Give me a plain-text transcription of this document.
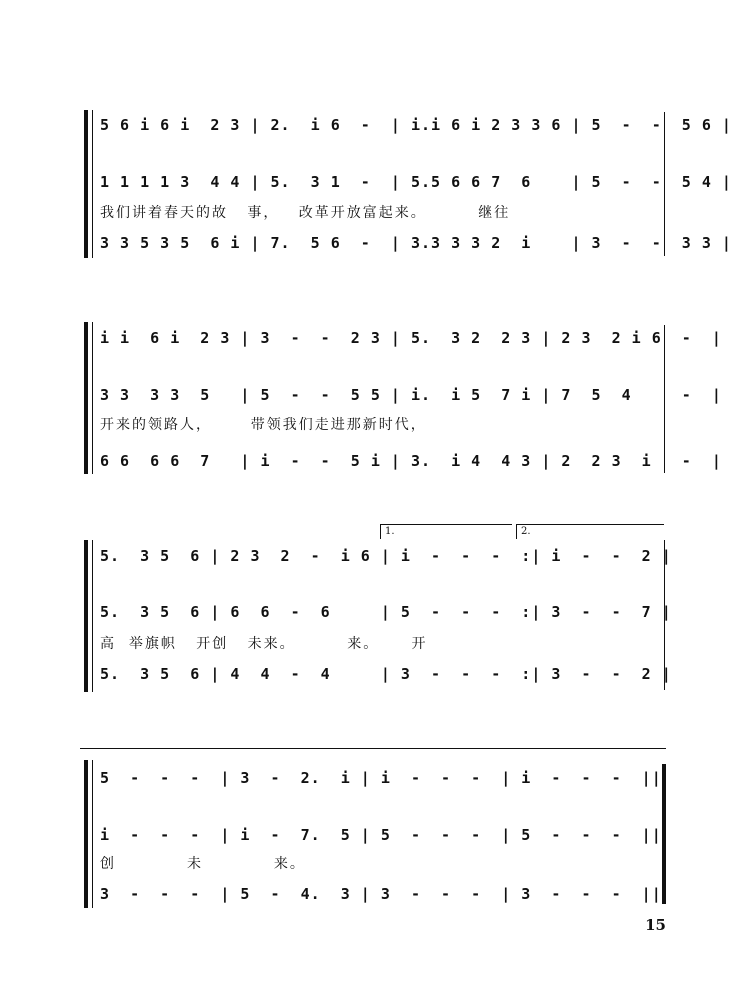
5 6 i 6 i  2 3 | 2.  i 6  -  | i.i 6 i 2 3 3 6 | 5  -  -  5 6 |
1 1 1 1 3  4 4 | 5.  3 1  -  | 5.5 6 6 7  6    | 5  -  -  5 4 |
我们讲着春天的故   事，   改革开放富起来。        继往
3 3 5 3 5  6 i | 7.  5 6  -  | 3.3 3 3 2  i    | 3  -  -  3 3 |
i i  6 i  2 3 | 3  -  -  2 3 | 5.  3 2  2 3 | 2 3  2 i 6  -  |
3 3  3 3  5   | 5  -  -  5 5 | i.  i 5  7 i | 7  5  4     -  |
开来的领路人，      带领我们走进那新时代，
6 6  6 6  7   | i  -  -  5 i | 3.  i 4  4 3 | 2  2 3  i   -  |
1.	2.
5.  3 5  6 | 2 3  2  -  i 6 | i  -  -  -  :| i  -  -  2 |
5.  3 5  6 | 6  6  -  6     | 5  -  -  -  :| 3  -  -  7 |
高  举旗帜   开创   未来。        来。     开
5.  3 5  6 | 4  4  -  4     | 3  -  -  -  :| 3  -  -  2 |
5  -  -  -  | 3  -  2.  i | i  -  -  -  | i  -  -  -  ||
i  -  -  -  | i  -  7.  5 | 5  -  -  -  | 5  -  -  -  ||
创           未           来。
3  -  -  -  | 5  -  4.  3 | 3  -  -  -  | 3  -  -  -  ||
15
